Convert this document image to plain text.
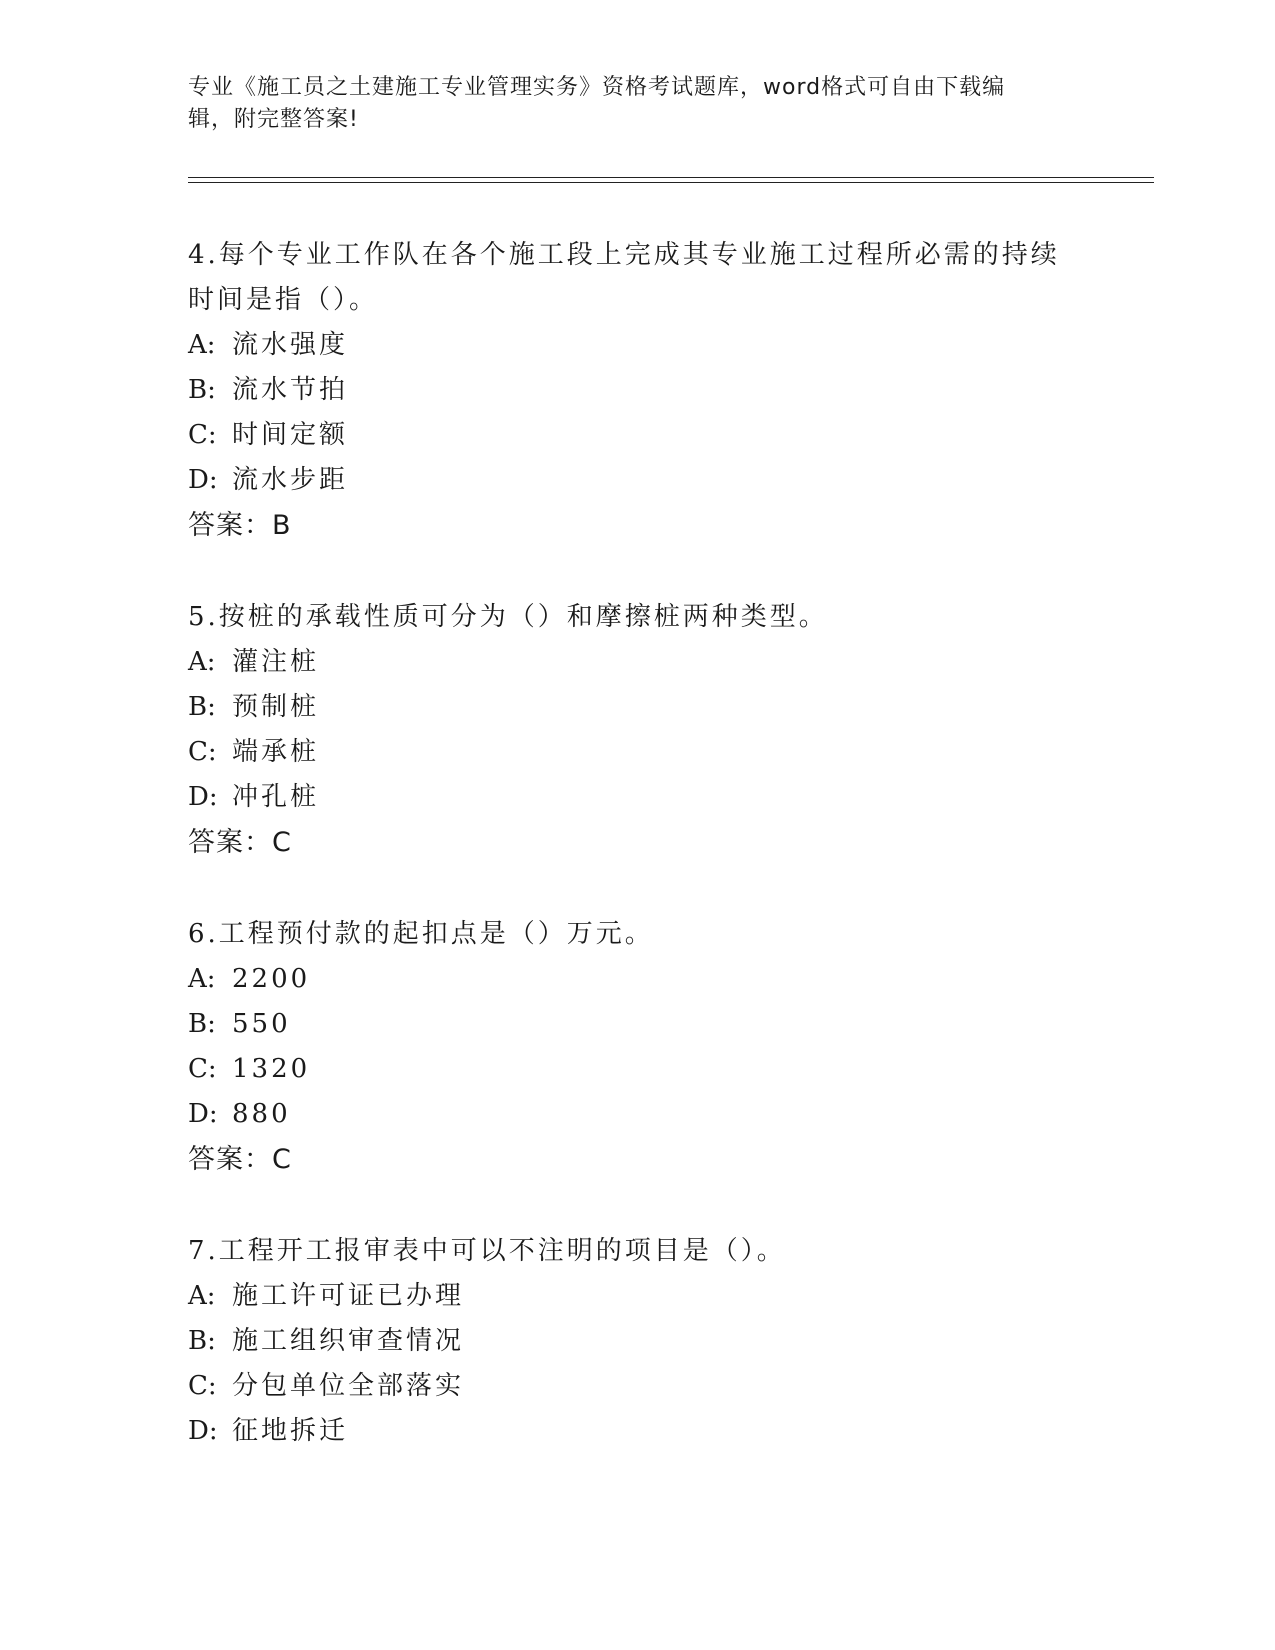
专业《施工员之土建施工专业管理实务》资格考试题库，word格式可自由下载编
辑，附完整答案!

4.每个专业工作队在各个施工段上完成其专业施工过程所必需的持续

时间是指（）。

A: 流水强度
B: 流水节拍
C: 时间定额
D: 流水步距
答案：B

5.按桩的承载性质可分为（）和摩擦桩两种类型。

A: 灌注桩
B: 预制桩
C: 端承桩
D: 冲孔桩
答案：C

6.工程预付款的起扣点是（）万元。

A: 2200
B: 550
C: 1320
D: 880
答案：C

7.工程开工报审表中可以不注明的项目是（）。

A: 施工许可证已办理
B: 施工组织审查情况
C: 分包单位全部落实
D: 征地拆迁
